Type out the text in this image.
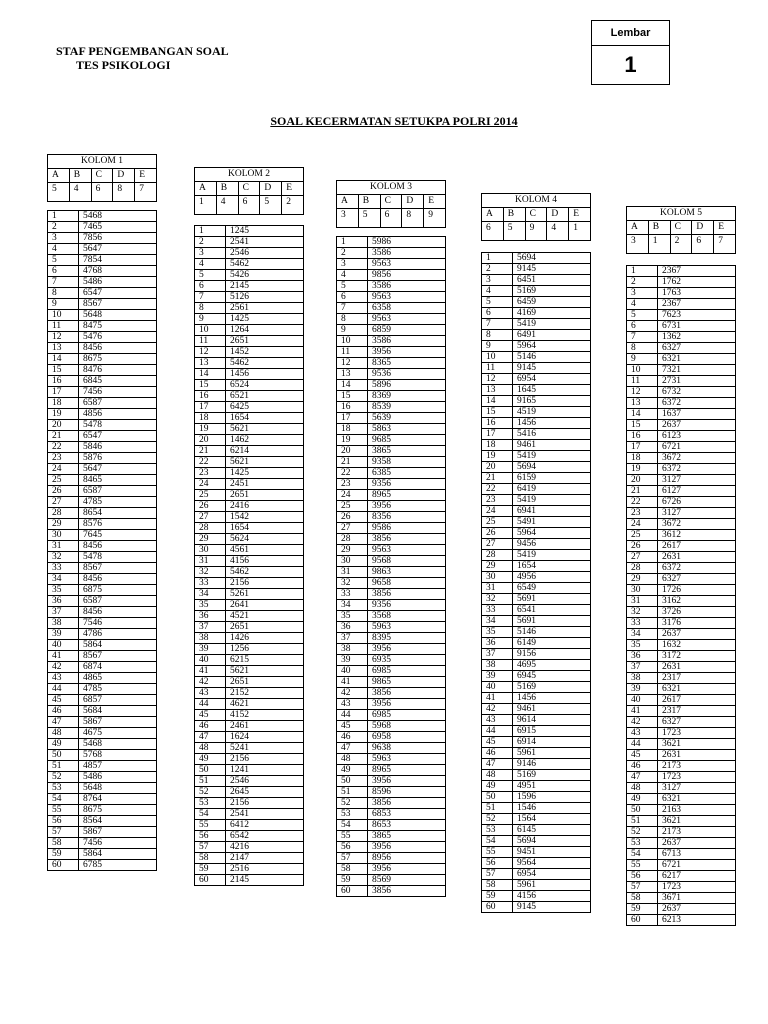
STAF PENGEMBANGAN SOAL
TES PSIKOLOGI
Lembar
1
SOAL KECERMATAN SETUKPA POLRI 2014
KOLOM 1				
A	B	C	D	E
5	4	6	8	7
1	5468
2	7465
3	7856
4	5647
5	7854
6	4768
7	5486
8	6547
9	8567
10	5648
11	8475
12	5476
13	8456
14	8675
15	8476
16	6845
17	7456
18	6587
19	4856
20	5478
21	6547
22	5846
23	5876
24	5647
25	8465
26	6587
27	4785
28	8654
29	8576
30	7645
31	8456
32	5478
33	8567
34	8456
35	6875
36	6587
37	8456
38	7546
39	4786
40	5864
41	8567
42	6874
43	4865
44	4785
45	6857
46	5684
47	5867
48	4675
49	5468
50	5768
51	4857
52	5486
53	5648
54	8764
55	8675
56	8564
57	5867
58	7456
59	5864
60	6785
KOLOM 2				
A	B	C	D	E
1	4	6	5	2
1	1245
2	2541
3	2546
4	5462
5	5426
6	2145
7	5126
8	2561
9	1425
10	1264
11	2651
12	1452
13	5462
14	1456
15	6524
16	6521
17	6425
18	1654
19	5621
20	1462
21	6214
22	5621
23	1425
24	2451
25	2651
26	2416
27	1542
28	1654
29	5624
30	4561
31	4156
32	5462
33	2156
34	5261
35	2641
36	4521
37	2651
38	1426
39	1256
40	6215
41	5621
42	2651
43	2152
44	4621
45	4152
46	2461
47	1624
48	5241
49	2156
50	1241
51	2546
52	2645
53	2156
54	2541
55	6412
56	6542
57	4216
58	2147
59	2516
60	2145
KOLOM 3				
A	B	C	D	E
3	5	6	8	9
1	5986
2	3586
3	9563
4	9856
5	3586
6	9563
7	6358
8	9563
9	6859
10	3586
11	3956
12	8365
13	9536
14	5896
15	8369
16	8539
17	5639
18	5863
19	9685
20	3865
21	9358
22	6385
23	9356
24	8965
25	3956
26	8356
27	9586
28	3856
29	9563
30	9568
31	9863
32	9658
33	3856
34	9356
35	3568
36	5963
37	8395
38	3956
39	6935
40	6985
41	9865
42	3856
43	3956
44	6985
45	5968
46	6958
47	9638
48	5963
49	8965
50	3956
51	8596
52	3856
53	6853
54	8653
55	3865
56	3956
57	8956
58	3956
59	8569
60	3856
KOLOM 4				
A	B	C	D	E
6	5	9	4	1
1	5694
2	9145
3	6451
4	5169
5	6459
6	4169
7	5419
8	6491
9	5964
10	5146
11	9145
12	6954
13	1645
14	9165
15	4519
16	1456
17	5416
18	9461
19	5419
20	5694
21	6159
22	6419
23	5419
24	6941
25	5491
26	5964
27	9456
28	5419
29	1654
30	4956
31	6549
32	5691
33	6541
34	5691
35	5146
36	6149
37	9156
38	4695
39	6945
40	5169
41	1456
42	9461
43	9614
44	6915
45	6914
46	5961
47	9146
48	5169
49	4951
50	1596
51	1546
52	1564
53	6145
54	5694
55	9451
56	9564
57	6954
58	5961
59	4156
60	9145
KOLOM 5				
A	B	C	D	E
3	1	2	6	7
1	2367
2	1762
3	1763
4	2367
5	7623
6	6731
7	1362
8	6327
9	6321
10	7321
11	2731
12	6732
13	6372
14	1637
15	2637
16	6123
17	6721
18	3672
19	6372
20	3127
21	6127
22	6726
23	3127
24	3672
25	3612
26	2617
27	2631
28	6372
29	6327
30	1726
31	3162
32	3726
33	3176
34	2637
35	1632
36	3172
37	2631
38	2317
39	6321
40	2617
41	2317
42	6327
43	1723
44	3621
45	2631
46	2173
47	1723
48	3127
49	6321
50	2163
51	3621
52	2173
53	2637
54	6713
55	6721
56	6217
57	1723
58	3671
59	2637
60	6213
